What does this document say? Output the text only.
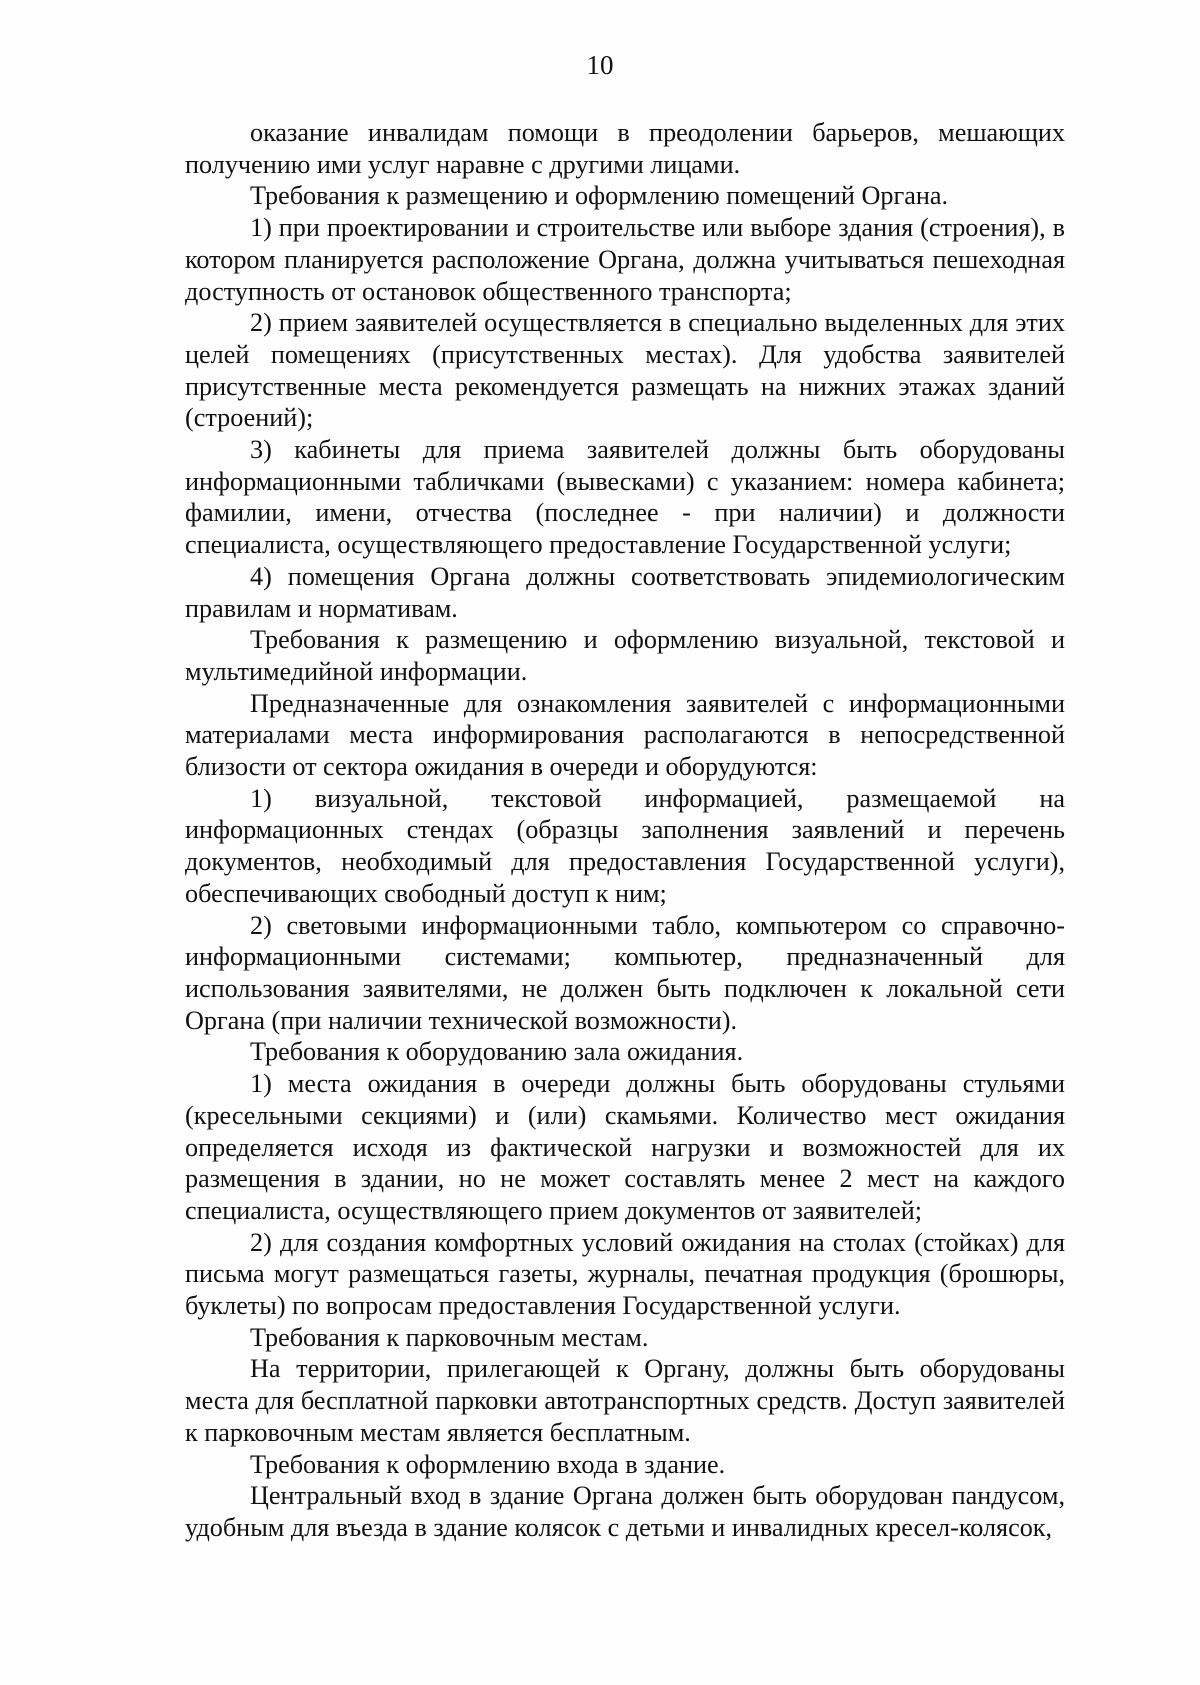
10

оказание инвалидам помощи в преодолении барьеров, мешающих получению ими услуг наравне с другими лицами.

Требования к размещению и оформлению помещений Органа.

1) при проектировании и строительстве или выборе здания (строения), в котором планируется расположение Органа, должна учитываться пешеходная доступность от остановок общественного транспорта;

2) прием заявителей осуществляется в специально выделенных для этих целей помещениях (присутственных местах). Для удобства заявителей присутственные места рекомендуется размещать на нижних этажах зданий (строений);

3) кабинеты для приема заявителей должны быть оборудованы информационными табличками (вывесками) с указанием: номера кабинета; фамилии, имени, отчества (последнее - при наличии) и должности специалиста, осуществляющего предоставление Государственной услуги;

4) помещения Органа должны соответствовать эпидемиологическим правилам и нормативам.

Требования к размещению и оформлению визуальной, текстовой и мультимедийной информации.

Предназначенные для ознакомления заявителей с информационными материалами места информирования располагаются в непосредственной близости от сектора ожидания в очереди и оборудуются:

1) визуальной, текстовой информацией, размещаемой на информационных стендах (образцы заполнения заявлений и перечень документов, необходимый для предоставления Государственной услуги), обеспечивающих свободный доступ к ним;

2) световыми информационными табло, компьютером со справочно-информационными системами; компьютер, предназначенный для использования заявителями, не должен быть подключен к локальной сети Органа (при наличии технической возможности).

Требования к оборудованию зала ожидания.

1) места ожидания в очереди должны быть оборудованы стульями (кресельными секциями) и (или) скамьями. Количество мест ожидания определяется исходя из фактической нагрузки и возможностей для их размещения в здании, но не может составлять менее 2 мест на каждого специалиста, осуществляющего прием документов от заявителей;

2) для создания комфортных условий ожидания на столах (стойках) для письма могут размещаться газеты, журналы, печатная продукция (брошюры, буклеты) по вопросам предоставления Государственной услуги.

Требования к парковочным местам.

На территории, прилегающей к Органу, должны быть оборудованы места для бесплатной парковки автотранспортных средств. Доступ заявителей к парковочным местам является бесплатным.

Требования к оформлению входа в здание.

Центральный вход в здание Органа должен быть оборудован пандусом, удобным для въезда в здание колясок с детьми и инвалидных кресел-колясок,
